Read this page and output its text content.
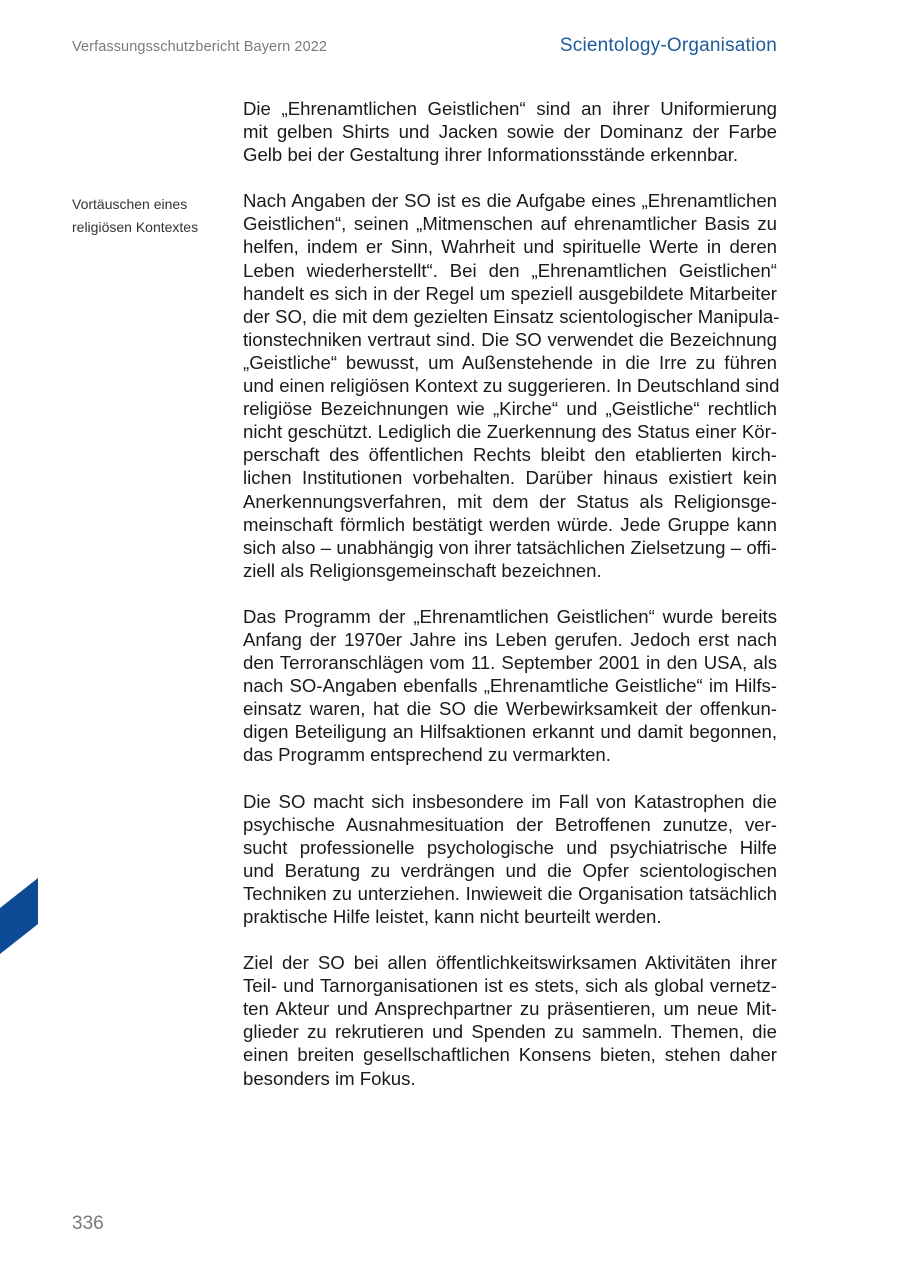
Verfassungsschutzbericht Bayern 2022	Scientology-Organisation
Vortäuschen eines
religiösen Kontextes

Die „Ehrenamtlichen Geistlichen“ sind an ihrer Uniformierung
mit gelben Shirts und Jacken sowie der Dominanz der Farbe
Gelb bei der Gestaltung ihrer Informationsstände erkennbar.

Nach Angaben der SO ist es die Aufgabe eines „Ehrenamtlichen
Geistlichen“, seinen „Mitmenschen auf ehrenamtlicher Basis zu
helfen, indem er Sinn, Wahrheit und spirituelle Werte in deren
Leben wiederherstellt“. Bei den „Ehrenamtlichen Geistlichen“
handelt es sich in der Regel um speziell ausgebildete Mitarbeiter
der SO, die mit dem gezielten Einsatz scientologischer Manipula-
tionstechniken vertraut sind. Die SO verwendet die Bezeichnung
„Geistliche“ bewusst, um Außenstehende in die Irre zu führen
und einen religiösen Kontext zu suggerieren. In Deutschland sind
religiöse Bezeichnungen wie „Kirche“ und „Geistliche“ rechtlich
nicht geschützt. Lediglich die Zuerkennung des Status einer Kör-
perschaft des öffentlichen Rechts bleibt den etablierten kirch-
lichen Institutionen vorbehalten. Darüber hinaus existiert kein
Anerkennungsverfahren, mit dem der Status als Religionsge-
meinschaft förmlich bestätigt werden würde. Jede Gruppe kann
sich also – unabhängig von ihrer tatsächlichen Zielsetzung – offi-
ziell als Religionsgemeinschaft bezeichnen.

Das Programm der „Ehrenamtlichen Geistlichen“ wurde bereits
Anfang der 1970er Jahre ins Leben gerufen. Jedoch erst nach
den Terroranschlägen vom 11. September 2001 in den USA, als
nach SO-Angaben ebenfalls „Ehrenamtliche Geistliche“ im Hilfs-
einsatz waren, hat die SO die Werbewirksamkeit der offenkun-
digen Beteiligung an Hilfsaktionen erkannt und damit begonnen,
das Programm entsprechend zu vermarkten.

Die SO macht sich insbesondere im Fall von Katastrophen die
psychische Ausnahmesituation der Betroffenen zunutze, ver-
sucht professionelle psychologische und psychiatrische Hilfe
und Beratung zu verdrängen und die Opfer scientologischen
Techniken zu unterziehen. Inwieweit die Organisation tatsächlich
praktische Hilfe leistet, kann nicht beurteilt werden.

Ziel der SO bei allen öffentlichkeitswirksamen Aktivitäten ihrer
Teil- und Tarnorganisationen ist es stets, sich als global vernetz-
ten Akteur und Ansprechpartner zu präsentieren, um neue Mit-
glieder zu rekrutieren und Spenden zu sammeln. Themen, die
einen breiten gesellschaftlichen Konsens bieten, stehen daher
besonders im Fokus.

336
